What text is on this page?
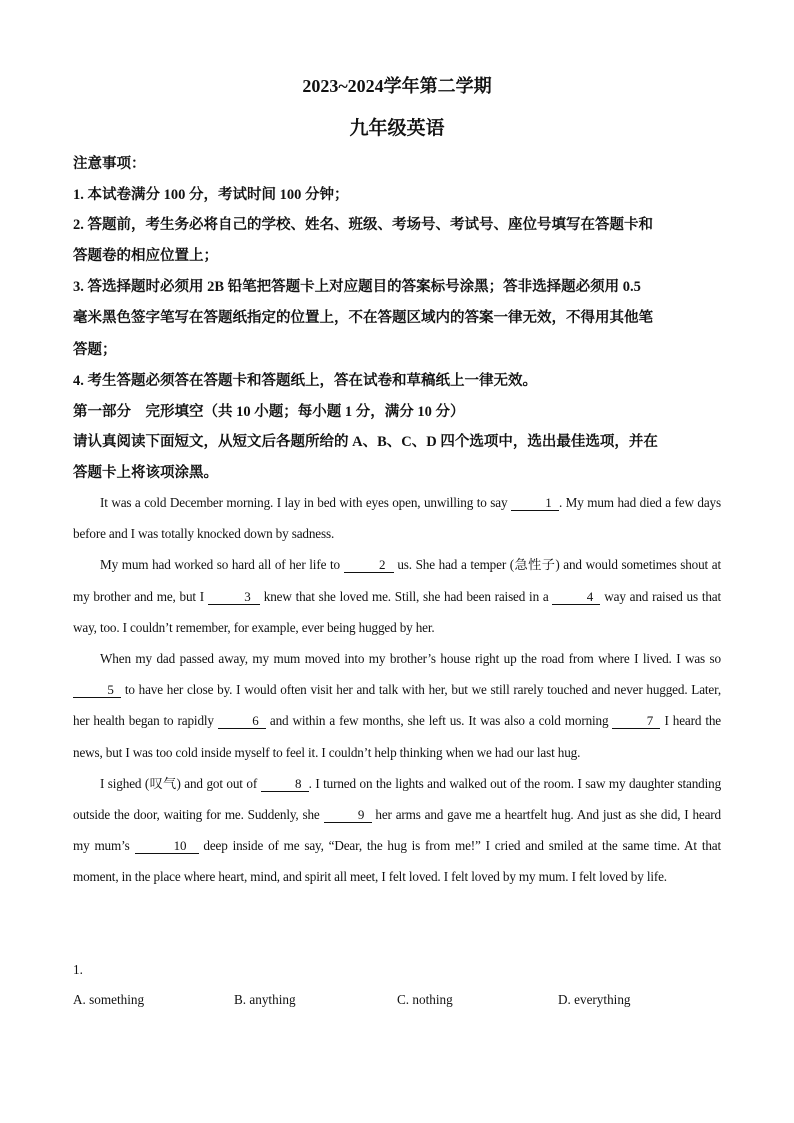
2023~2024学年第二学期
九年级英语
注意事项：
1. 本试卷满分 100 分，考试时间 100 分钟；
2. 答题前，考生务必将自己的学校、姓名、班级、考场号、考试号、座位号填写在答题卡和
答题卷的相应位置上；
3. 答选择题时必须用 2B 铅笔把答题卡上对应题目的答案标号涂黑；答非选择题必须用 0.5
毫米黑色签字笔写在答题纸指定的位置上，不在答题区域内的答案一律无效，不得用其他笔
答题；
4. 考生答题必须答在答题卡和答题纸上，答在试卷和草稿纸上一律无效。
第一部分　完形填空（共 10 小题；每小题 1 分，满分 10 分）
请认真阅读下面短文，从短文后各题所给的 A、B、C、D 四个选项中，选出最佳选项，并在
答题卡上将该项涂黑。

It was a cold December morning. I lay in bed with eyes open, unwilling to say	1 . My mum had died a few days before and I was totally knocked down by sadness.

My mum had worked so hard all of her life to	2 us. She had a temper (急性子) and would sometimes shout at my brother and me, but I	3 knew that she loved me. Still, she had been raised in a	4 way and raised us that way, too. I couldn’t remember, for example, ever being hugged by her.

When my dad passed away, my mum moved into my brother’s house right up the road from where I lived. I was so 5 to have her close by. I would often visit her and talk with her, but we still rarely touched and never hugged. Later, her health began to rapidly	6 and within a few months, she left us. It was also a cold morning	7 I heard the news, but I was too cold inside myself to feel it. I couldn’t help thinking when we had our last hug.

I sighed (叹气) and got out of	8 . I turned on the lights and walked out of the room. I saw my daughter standing outside the door, waiting for me. Suddenly, she	9 her arms and gave me a heartfelt hug. And just as she did, I heard my mum’s	10 deep inside of me say, “Dear, the hug is from me!” I cried and smiled at the same time. At that moment, in the place where heart, mind, and spirit all meet, I felt loved. I felt loved by my mum. I felt loved by life.

1.
A. something	B. anything	C. nothing	D. everything
